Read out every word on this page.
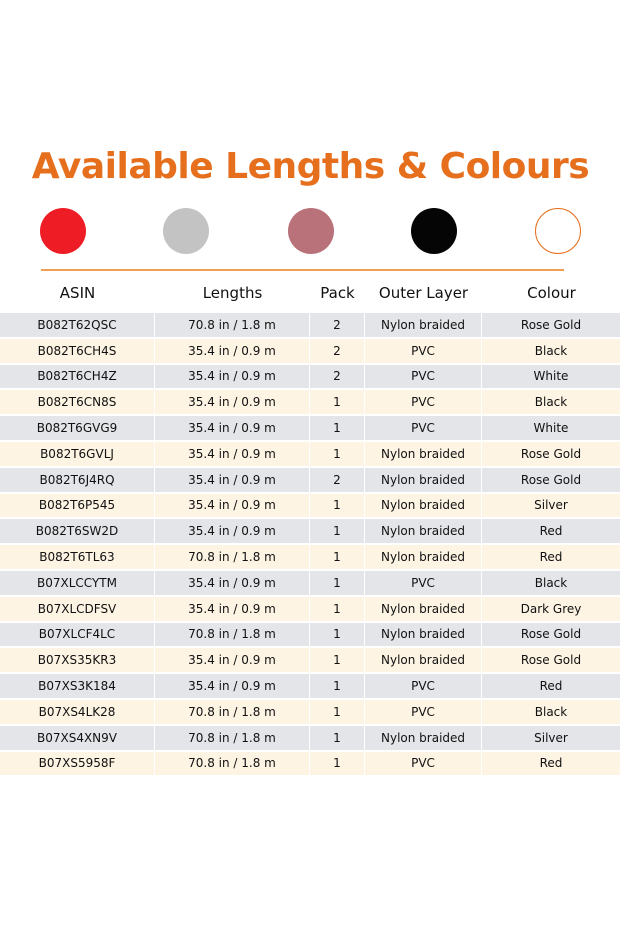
Available Lengths & Colours
ASIN	Lengths	Pack	Outer Layer	Colour
B082T62QSC	70.8 in / 1.8 m	2	Nylon braided	Rose Gold
B082T6CH4S	35.4 in / 0.9 m	2	PVC	Black
B082T6CH4Z	35.4 in / 0.9 m	2	PVC	White
B082T6CN8S	35.4 in / 0.9 m	1	PVC	Black
B082T6GVG9	35.4 in / 0.9 m	1	PVC	White
B082T6GVLJ	35.4 in / 0.9 m	1	Nylon braided	Rose Gold
B082T6J4RQ	35.4 in / 0.9 m	2	Nylon braided	Rose Gold
B082T6P545	35.4 in / 0.9 m	1	Nylon braided	Silver
B082T6SW2D	35.4 in / 0.9 m	1	Nylon braided	Red
B082T6TL63	70.8 in / 1.8 m	1	Nylon braided	Red
B07XLCCYTM	35.4 in / 0.9 m	1	PVC	Black
B07XLCDFSV	35.4 in / 0.9 m	1	Nylon braided	Dark Grey
B07XLCF4LC	70.8 in / 1.8 m	1	Nylon braided	Rose Gold
B07XS35KR3	35.4 in / 0.9 m	1	Nylon braided	Rose Gold
B07XS3K184	35.4 in / 0.9 m	1	PVC	Red
B07XS4LK28	70.8 in / 1.8 m	1	PVC	Black
B07XS4XN9V	70.8 in / 1.8 m	1	Nylon braided	Silver
B07XS5958F	70.8 in / 1.8 m	1	PVC	Red
